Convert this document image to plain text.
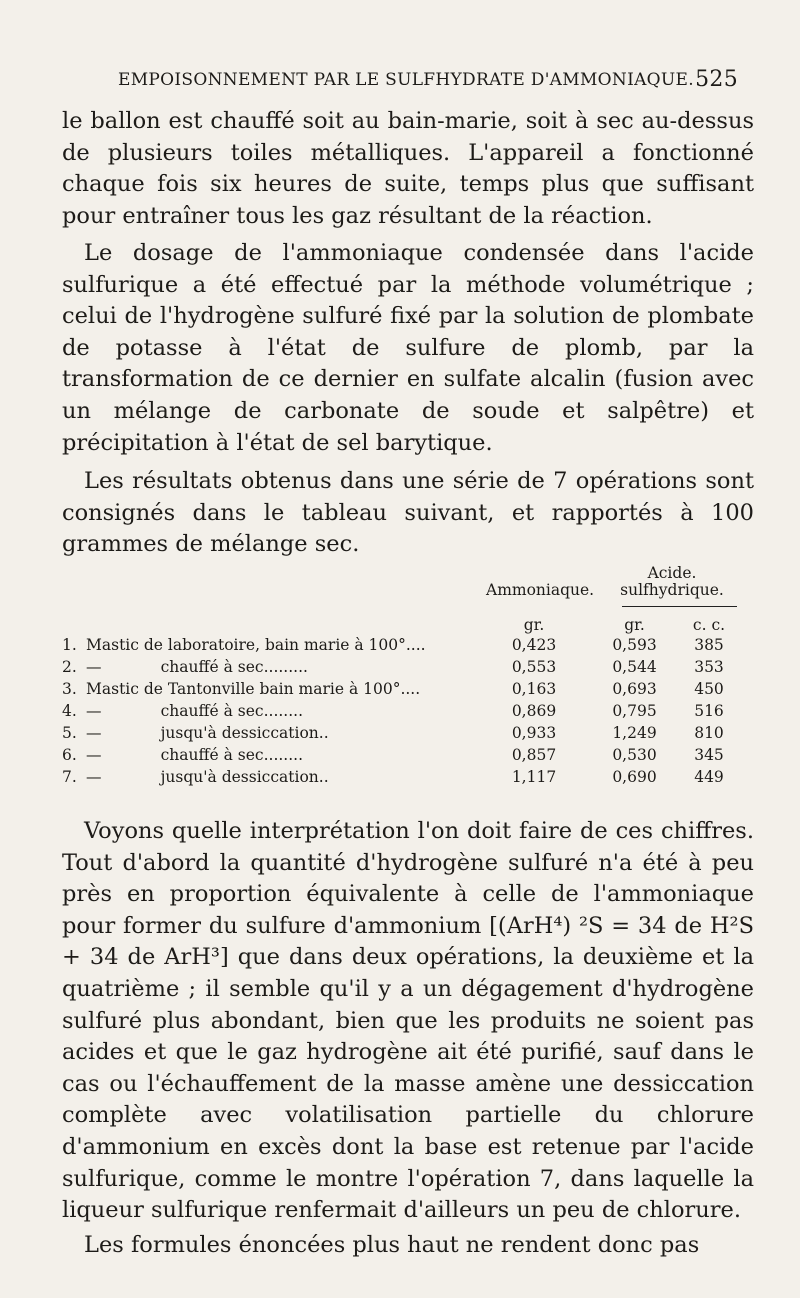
EMPOISONNEMENT PAR LE SULFHYDRATE D'AMMONIAQUE. 525

le ballon est chauffé soit au bain-marie, soit à sec au-dessus de plusieurs toiles métalliques. L'appareil a fonctionné chaque fois six heures de suite, temps plus que suffisant pour entraîner tous les gaz résultant de la réaction.

Le dosage de l'ammoniaque condensée dans l'acide sulfurique a été effectué par la méthode volumétrique ; celui de l'hydrogène sulfuré fixé par la solution de plombate de potasse à l'état de sulfure de plomb, par la transformation de ce dernier en sulfate alcalin (fusion avec un mélange de carbonate de soude et salpêtre) et précipitation à l'état de sel barytique.

Les résultats obtenus dans une série de 7 opérations sont consignés dans le tableau suivant, et rapportés à 100 grammes de mélange sec.

Ammoniaque.
Acide.
sulfhydrique.
gr.	gr.	c. c.
1. Mastic de laboratoire, bain marie à 100°....	0,423	0,593	385
2. —            chauffé à sec.........	0,553	0,544	353
3. Mastic de Tantonville bain marie à 100°....	0,163	0,693	450
4. —            chauffé à sec........	0,869	0,795	516
5. —            jusqu'à dessiccation..	0,933	1,249	810
6. —            chauffé à sec........	0,857	0,530	345
7. —            jusqu'à dessiccation..	1,117	0,690	449

Voyons quelle interprétation l'on doit faire de ces chiffres. Tout d'abord la quantité d'hydrogène sulfuré n'a été à peu près en proportion équivalente à celle de l'ammoniaque pour former du sulfure d'ammonium [(ArH⁴) ²S = 34 de H²S + 34 de ArH³] que dans deux opérations, la deuxième et la quatrième ; il semble qu'il y a un dégagement d'hydrogène sulfuré plus abondant, bien que les produits ne soient pas acides et que le gaz hydrogène ait été purifié, sauf dans le cas ou l'échauffement de la masse amène une dessiccation complète avec volatilisation partielle du chlorure d'ammonium en excès dont la base est retenue par l'acide sulfurique, comme le montre l'opération 7, dans laquelle la liqueur sulfurique renfermait d'ailleurs un peu de chlorure.

Les formules énoncées plus haut ne rendent donc pas
